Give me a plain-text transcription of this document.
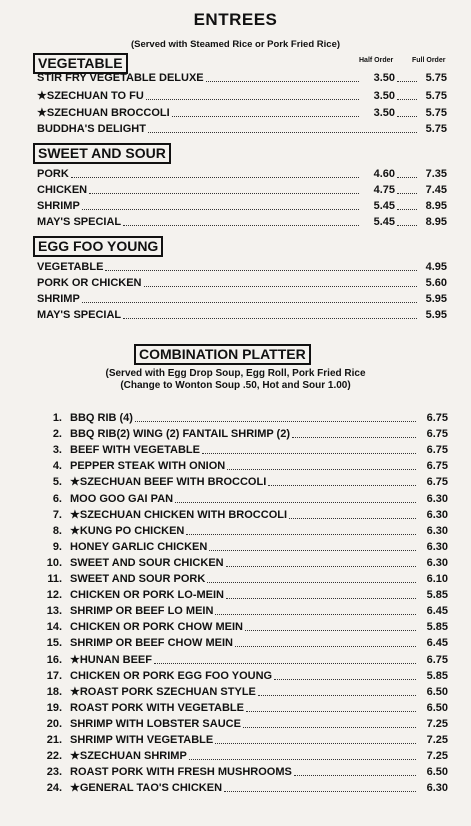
ENTREES
(Served with Steamed Rice or Pork Fried Rice)
Half Order	Full Order
VEGETABLE
STIR FRY VEGETABLE DELUXE	3.50	5.75
★SZECHUAN TO FU	3.50	5.75
★SZECHUAN BROCCOLI	3.50	5.75
BUDDHA'S DELIGHT	5.75
SWEET AND SOUR
PORK	4.60	7.35
CHICKEN	4.75	7.45
SHRIMP	5.45	8.95
MAY'S SPECIAL	5.45	8.95
EGG FOO YOUNG
VEGETABLE	4.95
PORK OR CHICKEN	5.60
SHRIMP	5.95
MAY'S SPECIAL	5.95
COMBINATION PLATTER
(Served with Egg Drop Soup, Egg Roll, Pork Fried Rice
(Change to Wonton Soup .50, Hot and Sour 1.00)
1. BBQ RIB (4)	6.75
2. BBQ RIB(2) WING (2) FANTAIL SHRIMP (2)	6.75
3. BEEF WITH VEGETABLE	6.75
4. PEPPER STEAK WITH ONION	6.75
5. ★SZECHUAN BEEF WITH BROCCOLI	6.75
6. MOO GOO GAI PAN	6.30
7. ★SZECHUAN CHICKEN WITH BROCCOLI	6.30
8. ★KUNG PO CHICKEN	6.30
9. HONEY GARLIC CHICKEN	6.30
10. SWEET AND SOUR CHICKEN	6.30
11. SWEET AND SOUR PORK	6.10
12. CHICKEN OR PORK LO-MEIN	5.85
13. SHRIMP OR BEEF LO MEIN	6.45
14. CHICKEN OR PORK CHOW MEIN	5.85
15. SHRIMP OR BEEF CHOW MEIN	6.45
16. ★HUNAN BEEF	6.75
17. CHICKEN OR PORK EGG FOO YOUNG	5.85
18. ★ROAST PORK SZECHUAN STYLE	6.50
19. ROAST PORK WITH VEGETABLE	6.50
20. SHRIMP WITH LOBSTER SAUCE	7.25
21. SHRIMP WITH VEGETABLE	7.25
22. ★SZECHUAN SHRIMP	7.25
23. ROAST PORK WITH FRESH MUSHROOMS	6.50
24. ★GENERAL TAO'S CHICKEN	6.30
